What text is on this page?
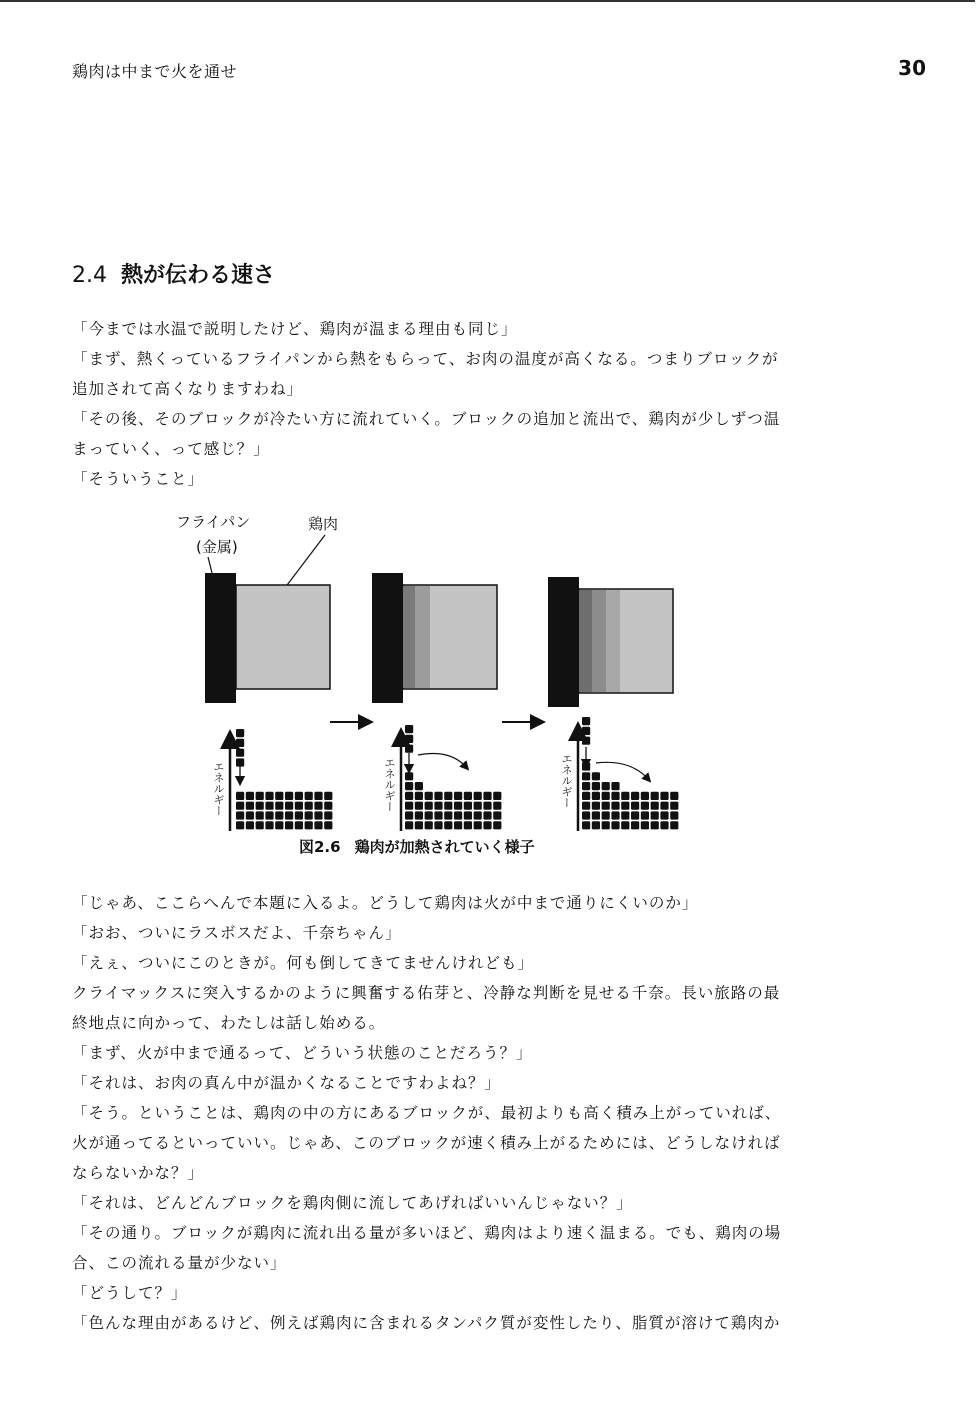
鶏肉は中まで火を通せ	30
2.4 熱が伝わる速さ

「今までは水温で説明したけど、鶏肉が温まる理由も同じ」

「まず、熱くっているフライパンから熱をもらって、お肉の温度が高くなる。つまりブロックが追加されて高くなりますわね」

「その後、そのブロックが冷たい方に流れていく。ブロックの追加と流出で、鶏肉が少しずつ温まっていく、って感じ？」

「そういうこと」

フライパン
(金属)
鶏肉
エネルギー	エネルギー	エネルギー
図2.6 鶏肉が加熱されていく様子

「じゃあ、ここらへんで本題に入るよ。どうして鶏肉は火が中まで通りにくいのか」

「おお、ついにラスボスだよ、千奈ちゃん」

「えぇ、ついにこのときが。何も倒してきてませんけれども」

クライマックスに突入するかのように興奮する佑芽と、冷静な判断を見せる千奈。長い旅路の最終地点に向かって、わたしは話し始める。

「まず、火が中まで通るって、どういう状態のことだろう？」

「それは、お肉の真ん中が温かくなることですわよね？」

「そう。ということは、鶏肉の中の方にあるブロックが、最初よりも高く積み上がっていれば、火が通ってるといっていい。じゃあ、このブロックが速く積み上がるためには、どうしなければならないかな？」

「それは、どんどんブロックを鶏肉側に流してあげればいいんじゃない？」

「その通り。ブロックが鶏肉に流れ出る量が多いほど、鶏肉はより速く温まる。でも、鶏肉の場合、この流れる量が少ない」

「どうして？」

「色んな理由があるけど、例えば鶏肉に含まれるタンパク質が変性したり、脂質が溶けて鶏肉か
